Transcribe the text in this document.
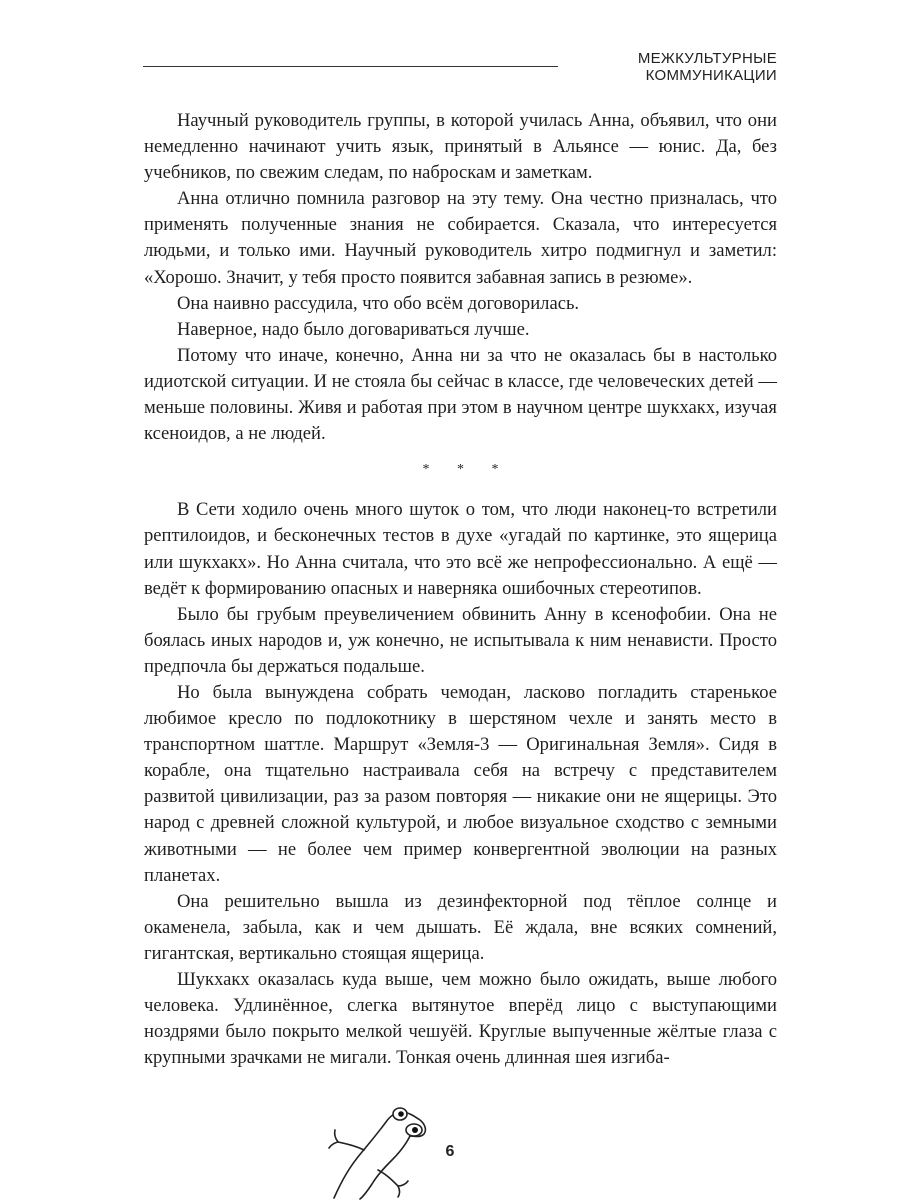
МЕЖКУЛЬТУРНЫЕ КОММУНИКАЦИИ

Научный руководитель группы, в которой училась Анна, объявил, что они немедленно начинают учить язык, принятый в Альянсе — юнис. Да, без учебников, по свежим следам, по наброскам и заметкам.

Анна отлично помнила разговор на эту тему. Она честно призналась, что применять полученные знания не собирается. Сказала, что интересуется людьми, и только ими. Научный руководитель хитро подмигнул и заметил: «Хорошо. Значит, у тебя просто появится забавная запись в резюме».

Она наивно рассудила, что обо всём договорилась.

Наверное, надо было договариваться лучше.

Потому что иначе, конечно, Анна ни за что не оказалась бы в настолько идиотской ситуации. И не стояла бы сейчас в классе, где человеческих детей — меньше половины. Живя и работая при этом в научном центре шукхакх, изучая ксеноидов, а не людей.

* * *

В Сети ходило очень много шуток о том, что люди наконец-то встретили рептилоидов, и бесконечных тестов в духе «угадай по картинке, это ящерица или шукхакх». Но Анна считала, что это всё же непрофессионально. А ещё — ведёт к формированию опасных и наверняка ошибочных стереотипов.

Было бы грубым преувеличением обвинить Анну в ксенофобии. Она не боялась иных народов и, уж конечно, не испытывала к ним ненависти. Просто предпочла бы держаться подальше.

Но была вынуждена собрать чемодан, ласково погладить старенькое любимое кресло по подлокотнику в шерстяном чехле и занять место в транспортном шаттле. Маршрут «Земля-3 — Оригинальная Земля». Сидя в корабле, она тщательно настраивала себя на встречу с представителем развитой цивилизации, раз за разом повторяя — никакие они не ящерицы. Это народ с древней сложной культурой, и любое визуальное сходство с земными животными — не более чем пример конвергентной эволюции на разных планетах.

Она решительно вышла из дезинфекторной под тёплое солнце и окаменела, забыла, как и чем дышать. Её ждала, вне всяких сомнений, гигантская, вертикально стоящая ящерица.

Шукхакх оказалась куда выше, чем можно было ожидать, выше любого человека. Удлинённое, слегка вытянутое вперёд лицо с выступающими ноздрями было покрыто мелкой чешуёй. Круглые выпученные жёлтые глаза с крупными зрачками не мигали. Тонкая очень длинная шея изгиба-

6
